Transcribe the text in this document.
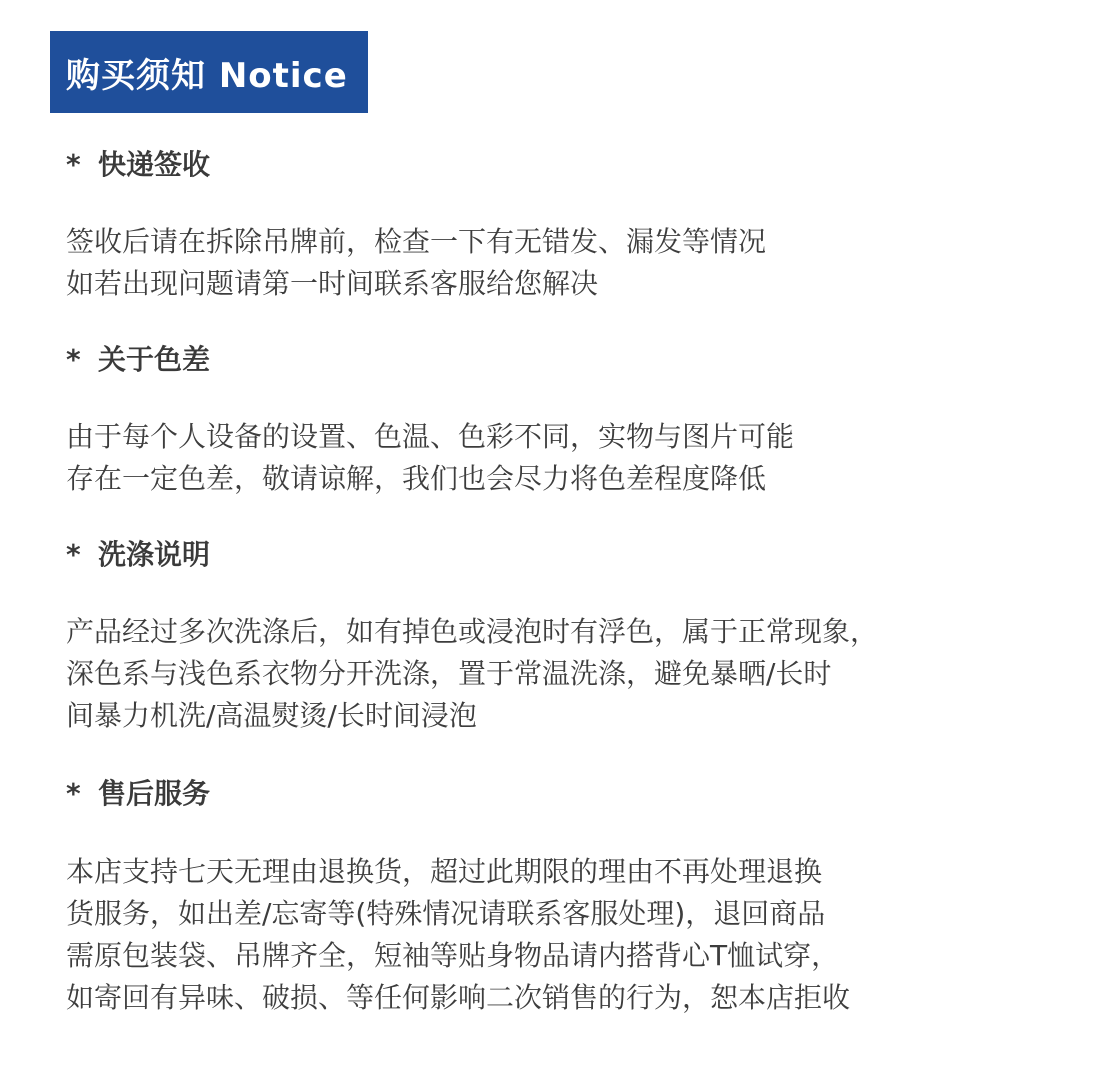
购买须知 Notice
* 快递签收
签收后请在拆除吊牌前，检查一下有无错发、漏发等情况
如若出现问题请第一时间联系客服给您解决
* 关于色差
由于每个人设备的设置、色温、色彩不同，实物与图片可能
存在一定色差，敬请谅解，我们也会尽力将色差程度降低
* 洗涤说明
产品经过多次洗涤后，如有掉色或浸泡时有浮色，属于正常现象，
深色系与浅色系衣物分开洗涤，置于常温洗涤，避免暴晒/长时
间暴力机洗/高温熨烫/长时间浸泡
* 售后服务
本店支持七天无理由退换货，超过此期限的理由不再处理退换
货服务，如出差/忘寄等(特殊情况请联系客服处理)，退回商品
需原包装袋、吊牌齐全，短袖等贴身物品请内搭背心T恤试穿，
如寄回有异味、破损、等任何影响二次销售的行为，恕本店拒收
